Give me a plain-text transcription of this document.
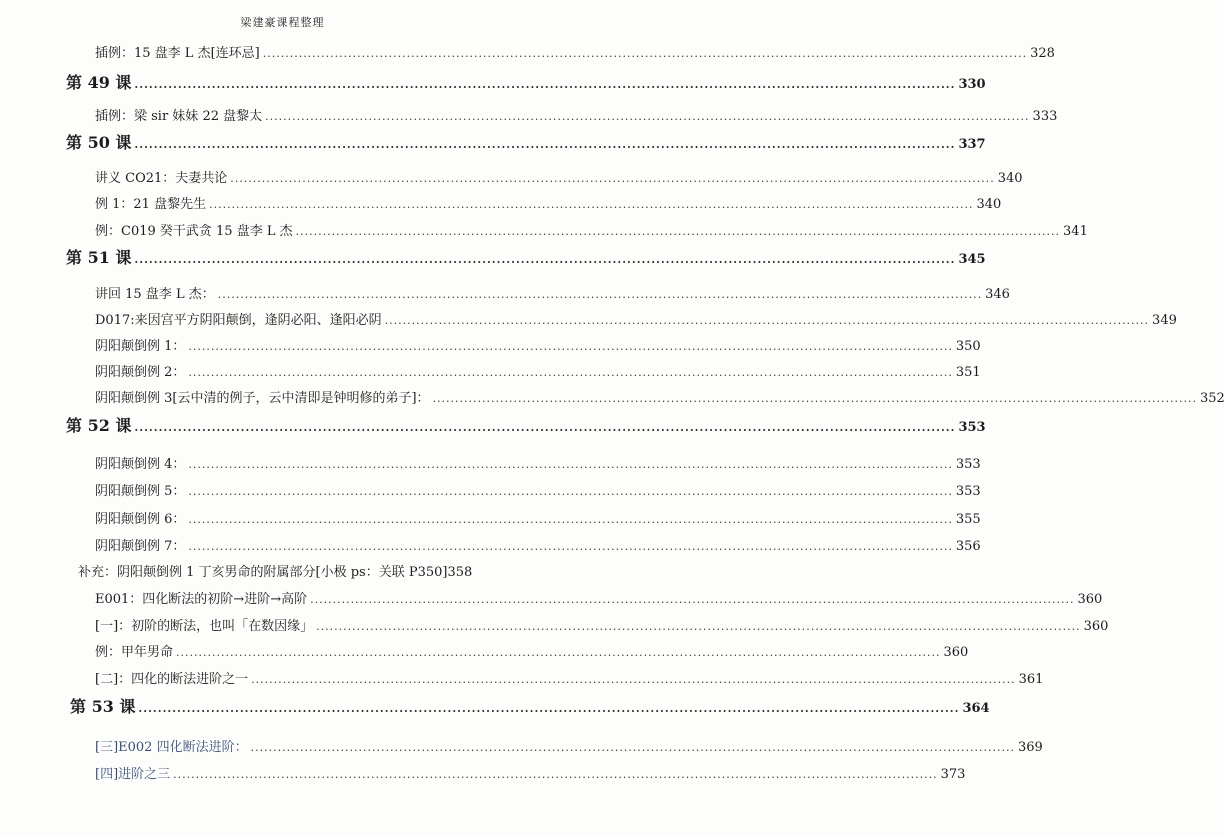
梁建豪课程整理
插例：15 盘李 L 杰[连环忌] .....	328
第 49 课 .....	330
插例：梁 sir 妹妹 22 盘黎太 .....	333
第 50 课 .....	337
讲义 CO21：夫妻共论 .....	340
例 1：21 盘黎先生 .....	340
例：C019 癸干武贪 15 盘李 L 杰 .....	341
第 51 课 .....	345
讲回 15 盘李 L 杰： .....	346
D017:来因宫平方阴阳颠倒，逢阴必阳、逢阳必阴 .....	349
阴阳颠倒例 1： .....	350
阴阳颠倒例 2： .....	351
阴阳颠倒例 3[云中清的例子，云中清即是钟明修的弟子]： .....	352
第 52 课 .....	353
阴阳颠倒例 4： .....	353
阴阳颠倒例 5： .....	353
阴阳颠倒例 6： .....	355
阴阳颠倒例 7： .....	356
补充：阴阳颠倒例 1 丁亥男命的附属部分[小极 ps：关联 P350] 358
E001：四化断法的初阶→进阶→高阶 .....	360
[一]：初阶的断法，也叫「在数因缘」 .....	360
例：甲年男命 .....	360
[二]：四化的断法进阶之一 .....	361
第 53 课 .....	364
[三]E002 四化断法进阶： .....	369
[四]进阶之三 .....	373
